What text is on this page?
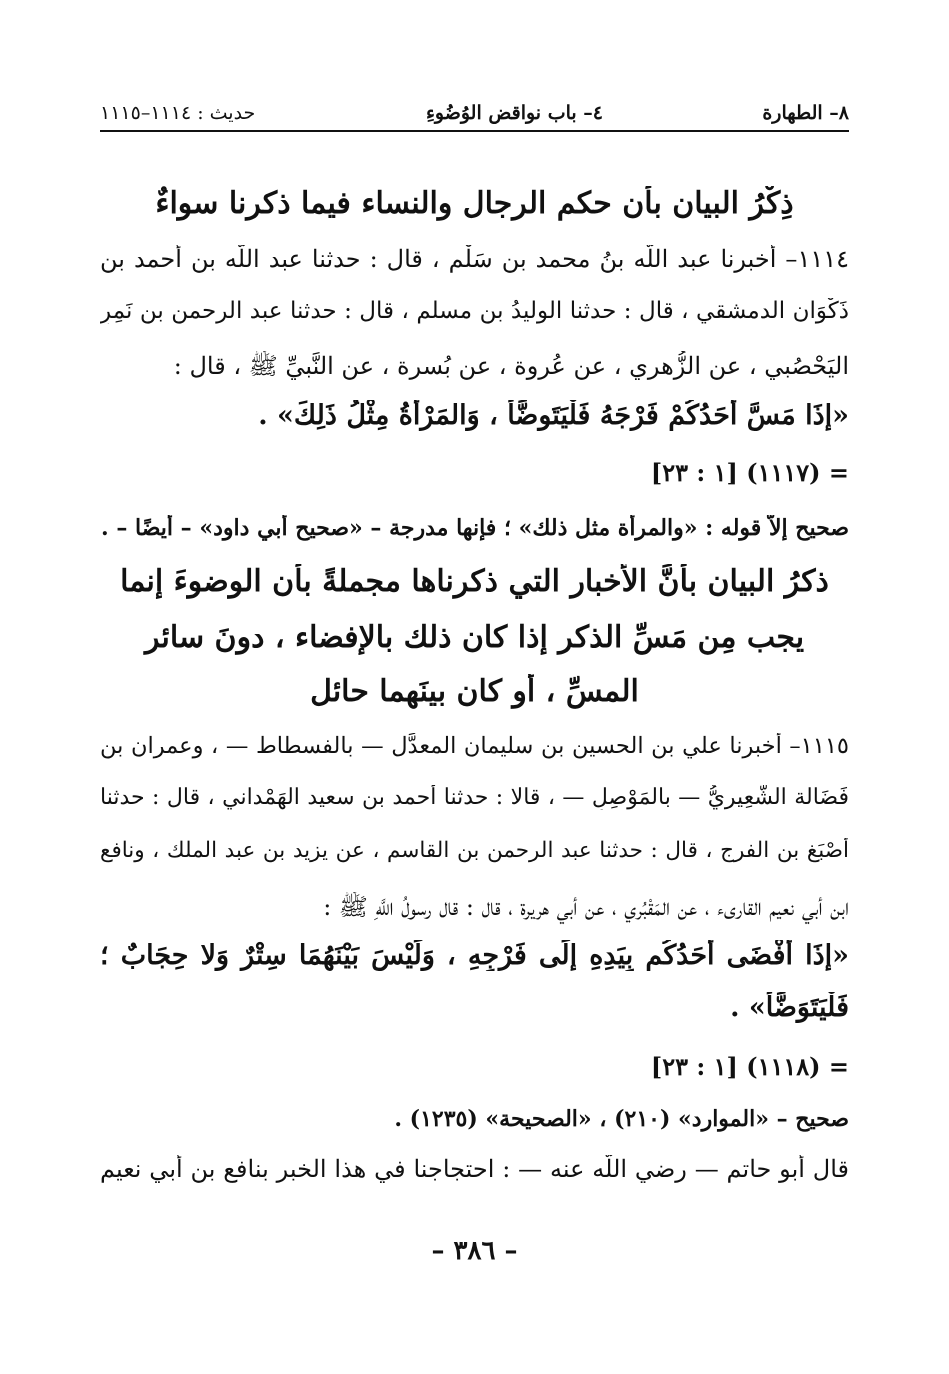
٨– الطهارة
٤– باب نواقض الوُضُوءِ
حديث : ١١١٤–١١١٥
ذِكْرُ البيان بأن حكم الرجال والنساء فيما ذكرنا سواءٌ
١١١٤– أخبرنا عبد اللَّه بنُ محمد بن سَلْم ، قال : حدثنا عبد اللَّه بن أحمد بن
ذَكْوَان الدمشقي ، قال : حدثنا الوليدُ بن مسلم ، قال : حدثنا عبد الرحمن بنِ نَمِرٍ
اليَحْصُبي ، عن الزُّهري ، عن عُروة ، عن بُسرة ، عن النَّبيِّ ﷺ ، قال :
«إذَا مَسَّ أَحَدُكُمْ فَرْجَهُ فَلْيَتَوضَّأْ ، وَالمَرْأَةُ مِثْلُ ذَلِكَ» .
= (١١١٧) [١ : ٢٣]
صحيح إلاَّ قوله : «والمرأة مثل ذلك» ؛ فإنها مدرجة – «صحيح أبي داود» – أيضًا – .
ذكرُ البيان بأنَّ الأخبار التي ذكرناها مجملةً بأن الوضوءَ إنما
يجب مِن مَسِّ الذكر إذا كان ذلك بالإفضاء ، دونَ سائر
المسِّ ، أو كان بينَهما حائل
١١١٥– أخبرنا علي بن الحسين بن سليمان المعدَّل — بالفسطاط — ، وعمران بن
فَضَالة الشَّعِيرِيُّ — بالمَوْصِلِ — ، قالا : حدثنا أحمد بن سعيد الهَمْداني ، قال : حدثنا
أَصْبَغ بن الفرج ، قال : حدثنا عبد الرحمن بن القاسم ، عن يزيد بن عبد الملك ، ونافع
ابن أبي نعيم القارىء ، عن المَقْبُري ، عن أبي هريرة ، قال : قال رسولُ اللَّهِ ﷺ :
«إذَا أَفْضَى أَحَدُكُم بِيَدِهِ إِلَى فَرْجِهِ ، وَلَيْسَ بَيْنَهُمَا سِتْرٌ وَلا حِجَابٌ ؛
فَلْيَتَوَضَّأْ» .
= (١١١٨) [١ : ٢٣]
صحيح – «الموارد» (٢١٠) ، «الصحيحة» (١٢٣٥) .
قال أبو حاتم — رضي اللَّه عنه — : احتجاجنا في هذا الخبر بنافع بن أبي نعيم
– ٣٨٦ –
